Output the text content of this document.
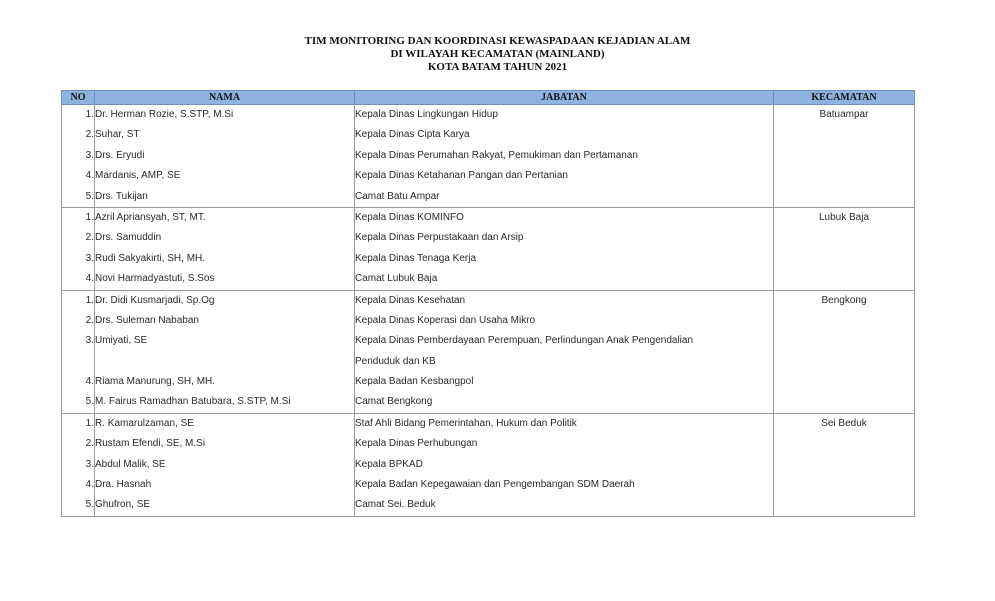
TIM MONITORING DAN KOORDINASI KEWASPADAAN KEJADIAN ALAM
DI WILAYAH KECAMATAN (MAINLAND)
KOTA BATAM TAHUN 2021
NO	NAMA	JABATAN	KECAMATAN
1.	Dr. Herman Rozie, S.STP, M.Si	Kepala Dinas Lingkungan Hidup	Batuampar
2.	Suhar, ST	Kepala Dinas Cipta Karya	
3.	Drs. Eryudi	Kepala Dinas Perumahan Rakyat, Pemukiman dan Pertamanan	
4.	Mardanis, AMP, SE	Kepala Dinas Ketahanan Pangan dan Pertanian	
5.	Drs. Tukijan	Camat Batu Ampar	
1.	Azril Apriansyah, ST, MT.	Kepala Dinas KOMINFO	Lubuk Baja
2.	Drs. Samuddin	Kepala Dinas Perpustakaan dan Arsip	
3.	Rudi Sakyakirti, SH, MH.	Kepala Dinas Tenaga Kerja	
4.	Novi Harmadyastuti, S.Sos	Camat Lubuk Baja	
1.	Dr. Didi Kusmarjadi, Sp.Og	Kepala Dinas Kesehatan	Bengkong
2.	Drs. Suleman Nababan	Kepala Dinas Koperasi dan Usaha Mikro	
3.	Umiyati, SE	Kepala Dinas Pemberdayaan Perempuan, Perlindungan Anak Pengendalian	
		Penduduk dan KB	
4.	Riama Manurung, SH, MH.	Kepala Badan Kesbangpol	
5.	M. Fairus Ramadhan Batubara, S.STP, M.Si	Camat Bengkong	
1.	R. Kamarulzaman, SE	Staf Ahli Bidang Pemerintahan, Hukum dan Politik	Sei Beduk
2.	Rustam Efendi, SE, M.Si	Kepala Dinas Perhubungan	
3.	Abdul Malik, SE	Kepala BPKAD	
4.	Dra. Hasnah	Kepala Badan Kepegawaian dan Pengembangan SDM Daerah	
5.	Ghufron, SE	Camat Sei. Beduk	
